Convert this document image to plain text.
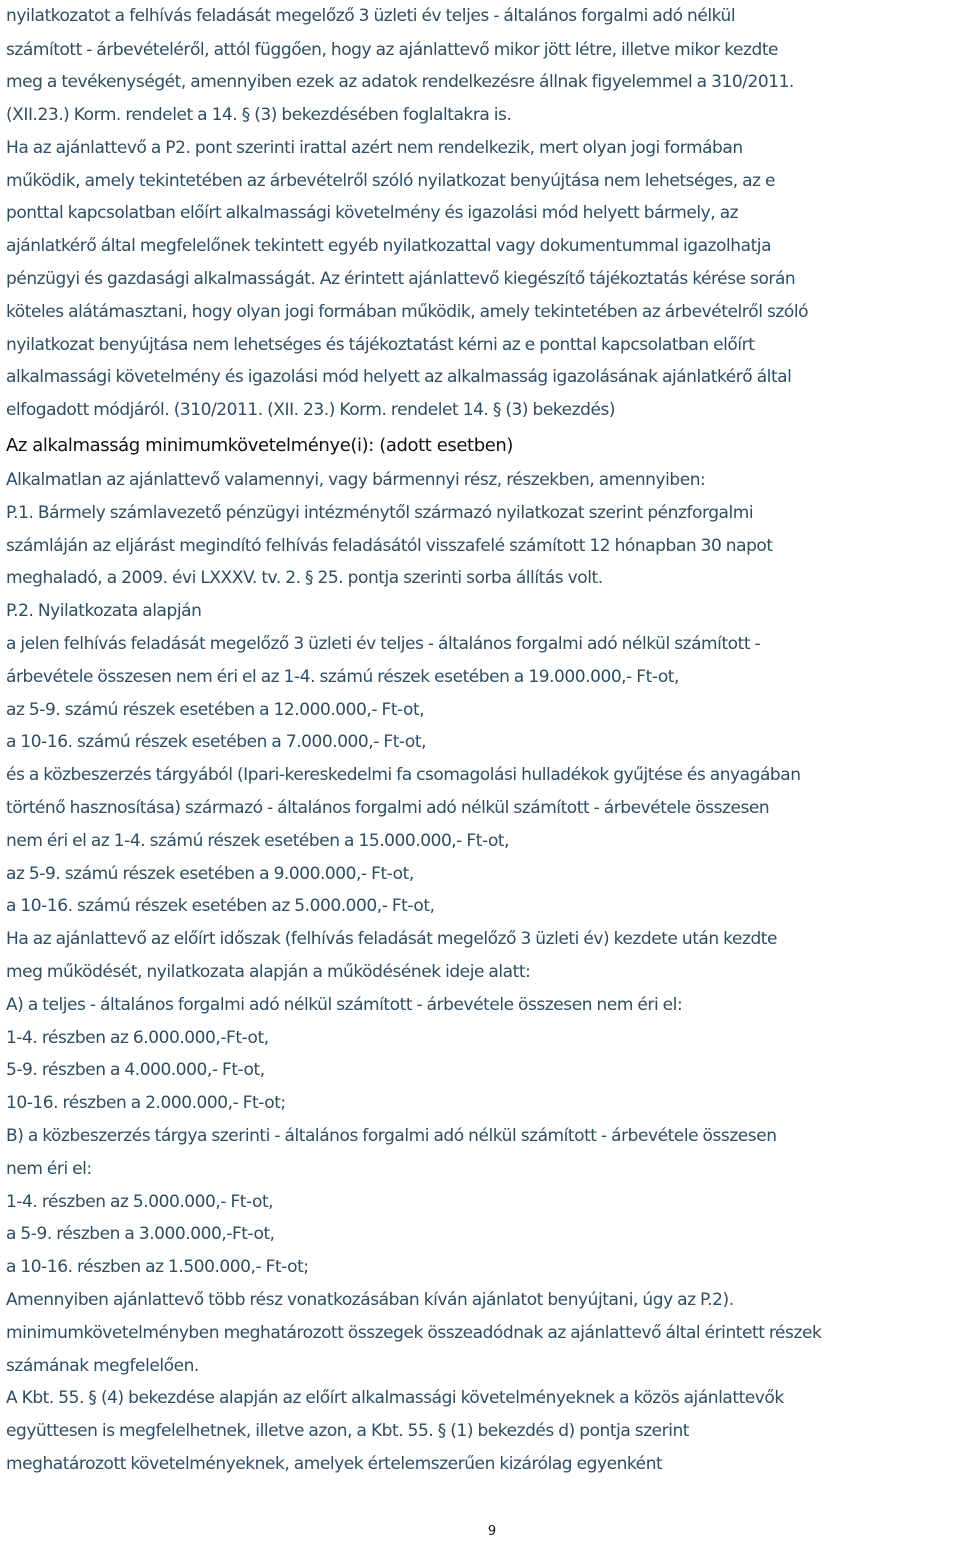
nyilatkozatot a felhívás feladását megelőző 3 üzleti év teljes - általános forgalmi adó nélkül
számított - árbevételéről, attól függően, hogy az ajánlattevő mikor jött létre, illetve mikor kezdte
meg a tevékenységét, amennyiben ezek az adatok rendelkezésre állnak figyelemmel a 310/2011.
(XII.23.) Korm. rendelet a 14. § (3) bekezdésében foglaltakra is.
Ha az ajánlattevő a P2. pont szerinti irattal azért nem rendelkezik, mert olyan jogi formában
működik, amely tekintetében az árbevételről szóló nyilatkozat benyújtása nem lehetséges, az e
ponttal kapcsolatban előírt alkalmassági követelmény és igazolási mód helyett bármely, az
ajánlatkérő által megfelelőnek tekintett egyéb nyilatkozattal vagy dokumentummal igazolhatja
pénzügyi és gazdasági alkalmasságát. Az érintett ajánlattevő kiegészítő tájékoztatás kérése során
köteles alátámasztani, hogy olyan jogi formában működik, amely tekintetében az árbevételről szóló
nyilatkozat benyújtása nem lehetséges és tájékoztatást kérni az e ponttal kapcsolatban előírt
alkalmassági követelmény és igazolási mód helyett az alkalmasság igazolásának ajánlatkérő által
elfogadott módjáról. (310/2011. (XII. 23.) Korm. rendelet 14. § (3) bekezdés)
Az alkalmasság minimumkövetelménye(i): (adott esetben)
Alkalmatlan az ajánlattevő valamennyi, vagy bármennyi rész, részekben, amennyiben:
P.1. Bármely számlavezető pénzügyi intézménytől származó nyilatkozat szerint pénzforgalmi
számláján az eljárást megindító felhívás feladásától visszafelé számított 12 hónapban 30 napot
meghaladó, a 2009. évi LXXXV. tv. 2. § 25. pontja szerinti sorba állítás volt.
P.2. Nyilatkozata alapján
a jelen felhívás feladását megelőző 3 üzleti év teljes - általános forgalmi adó nélkül számított -
árbevétele összesen nem éri el az 1-4. számú részek esetében a 19.000.000,- Ft-ot,
az 5-9. számú részek esetében a 12.000.000,- Ft-ot,
a 10-16. számú részek esetében a 7.000.000,- Ft-ot,
és a közbeszerzés tárgyából (Ipari-kereskedelmi fa csomagolási hulladékok gyűjtése és anyagában
történő hasznosítása) származó - általános forgalmi adó nélkül számított - árbevétele összesen
nem éri el az 1-4. számú részek esetében a 15.000.000,- Ft-ot,
az 5-9. számú részek esetében a 9.000.000,- Ft-ot,
a 10-16. számú részek esetében az 5.000.000,- Ft-ot,
Ha az ajánlattevő az előírt időszak (felhívás feladását megelőző 3 üzleti év) kezdete után kezdte
meg működését, nyilatkozata alapján a működésének ideje alatt:
A) a teljes - általános forgalmi adó nélkül számított - árbevétele összesen nem éri el:
1-4. részben az 6.000.000,-Ft-ot,
5-9. részben a 4.000.000,- Ft-ot,
10-16. részben a 2.000.000,- Ft-ot;
B) a közbeszerzés tárgya szerinti - általános forgalmi adó nélkül számított - árbevétele összesen
nem éri el:
1-4. részben az 5.000.000,- Ft-ot,
a 5-9. részben a 3.000.000,-Ft-ot,
a 10-16. részben az 1.500.000,- Ft-ot;
Amennyiben ajánlattevő több rész vonatkozásában kíván ajánlatot benyújtani, úgy az P.2).
minimumkövetelményben meghatározott összegek összeadódnak az ajánlattevő által érintett részek
számának megfelelően.
A Kbt. 55. § (4) bekezdése alapján az előírt alkalmassági követelményeknek a közös ajánlattevők
együttesen is megfelelhetnek, illetve azon, a Kbt. 55. § (1) bekezdés d) pontja szerint
meghatározott követelményeknek, amelyek értelemszerűen kizárólag egyenként
9
